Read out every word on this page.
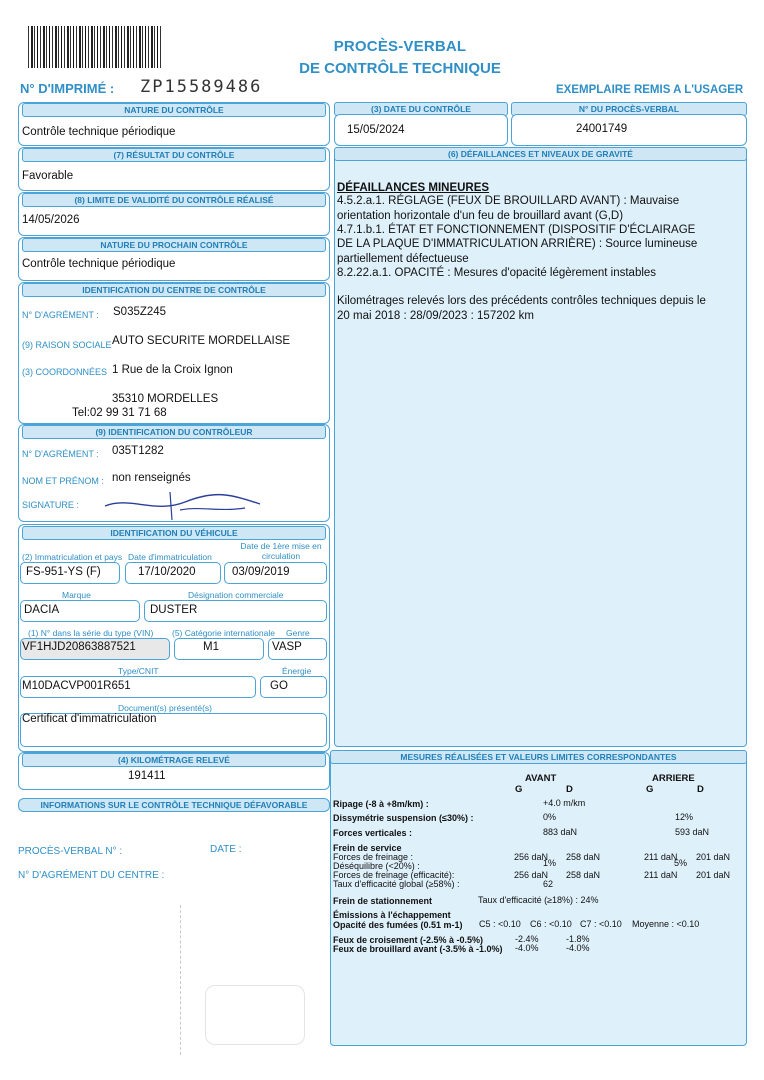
PROCÈS-VERBAL
DE CONTRÔLE TECHNIQUE
N° D'IMPRIMÉ : ZP15589486	EXEMPLAIRE REMIS A L'USAGER
NATURE DU CONTRÔLE
Contrôle technique périodique
(7) RÉSULTAT DU CONTRÔLE
Favorable
(8) LIMITE DE VALIDITÉ DU CONTRÔLE RÉALISÉ
14/05/2026
NATURE DU PROCHAIN CONTRÔLE
Contrôle technique périodique
IDENTIFICATION DU CENTRE DE CONTRÔLE
N° D'AGRÉMENT : S035Z245
(9) RAISON SOCIALE AUTO SECURITE MORDELLAISE
(3) COORDONNÉES 1 Rue de la Croix Ignon
35310 MORDELLES
Tel:02 99 31 71 68
(9) IDENTIFICATION DU CONTRÔLEUR
N° D'AGRÉMENT : 035T1282
NOM ET PRÉNOM : non renseignés
SIGNATURE :
IDENTIFICATION DU VÉHICULE
(2) Immatriculation et pays Date d'immatriculation
Date de 1ère mise en circulation
FS-951-YS (F)	17/10/2020	03/09/2019
Marque	Désignation commerciale
DACIA	DUSTER
(1) N° dans la série du type (VIN) (5) Catégorie internationale Genre
VF1HJD20863887521	M1	VASP
Type/CNIT	Énergie
M10DACVP001R651	GO
Document(s) présenté(s)
Certificat d'immatriculation
(4) KILOMÉTRAGE RELEVÉ
191411
INFORMATIONS SUR LE CONTRÔLE TECHNIQUE DÉFAVORABLE
PROCÈS-VERBAL N° :	DATE :
N° D'AGRÉMENT DU CENTRE :
(3) DATE DU CONTRÔLE
15/05/2024
N° DU PROCÈS-VERBAL
24001749
(6) DÉFAILLANCES ET NIVEAUX DE GRAVITÉ
DÉFAILLANCES MINEURES
4.5.2.a.1. RÉGLAGE (FEUX DE BROUILLARD AVANT) : Mauvaise
orientation horizontale d'un feu de brouillard avant (G,D)
4.7.1.b.1. ÉTAT ET FONCTIONNEMENT (DISPOSITIF D'ÉCLAIRAGE
DE LA PLAQUE D'IMMATRICULATION ARRIÈRE) : Source lumineuse
partiellement défectueuse
8.2.22.a.1. OPACITÉ : Mesures d'opacité légèrement instables
Kilométrages relevés lors des précédents contrôles techniques depuis le
20 mai 2018 : 28/09/2023 : 157202 km
MESURES RÉALISÉES ET VALEURS LIMITES CORRESPONDANTES
AVANT	ARRIERE
G	D	G	D
Ripage (-8 à +8m/km) :	+4.0 m/km
Dissymétrie suspension (≤30%) :	0%	12%
Forces verticales :	883 daN	593 daN
Frein de service
Forces de freinage :	256 daN 258 daN	211 daN 201 daN
Déséquilibre (<20%) :	1%	5%
Forces de freinage (efficacité):	256 daN 258 daN	211 daN 201 daN
Taux d'efficacité global (≥58%) :	62
Frein de stationnement	Taux d'efficacité (≥18%) : 24%
Émissions à l'échappement
Opacité des fumées (0.51 m-1) C5 : <0.10 C6 : <0.10 C7 : <0.10 Moyenne : <0.10
Feux de croisement (-2.5% à -0.5%)	-2.4%	-1.8%
Feux de brouillard avant (-3.5% à -1.0%) -4.0%	-4.0%
